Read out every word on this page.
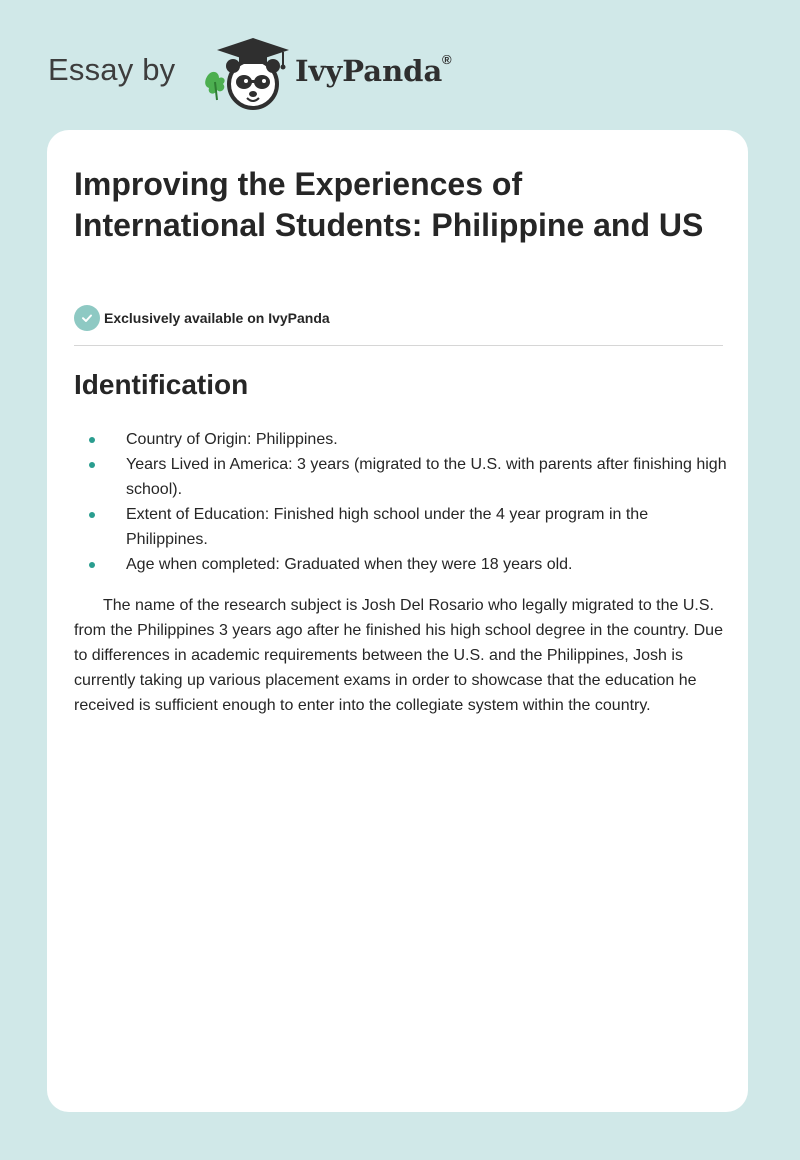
Essay by	IvyPanda ®
Improving the Experiences of International Students: Philippine and US
Exclusively available on IvyPanda
Identification
Country of Origin: Philippines.
Years Lived in America: 3 years (migrated to the U.S. with parents after finishing high school).
Extent of Education: Finished high school under the 4 year program in the Philippines.
Age when completed: Graduated when they were 18 years old.

The name of the research subject is Josh Del Rosario who legally migrated to the U.S. from the Philippines 3 years ago after he finished his high school degree in the country. Due to differences in academic requirements between the U.S. and the Philippines, Josh is currently taking up various placement exams in order to showcase that the education he received is sufficient enough to enter into the collegiate system within the country.
